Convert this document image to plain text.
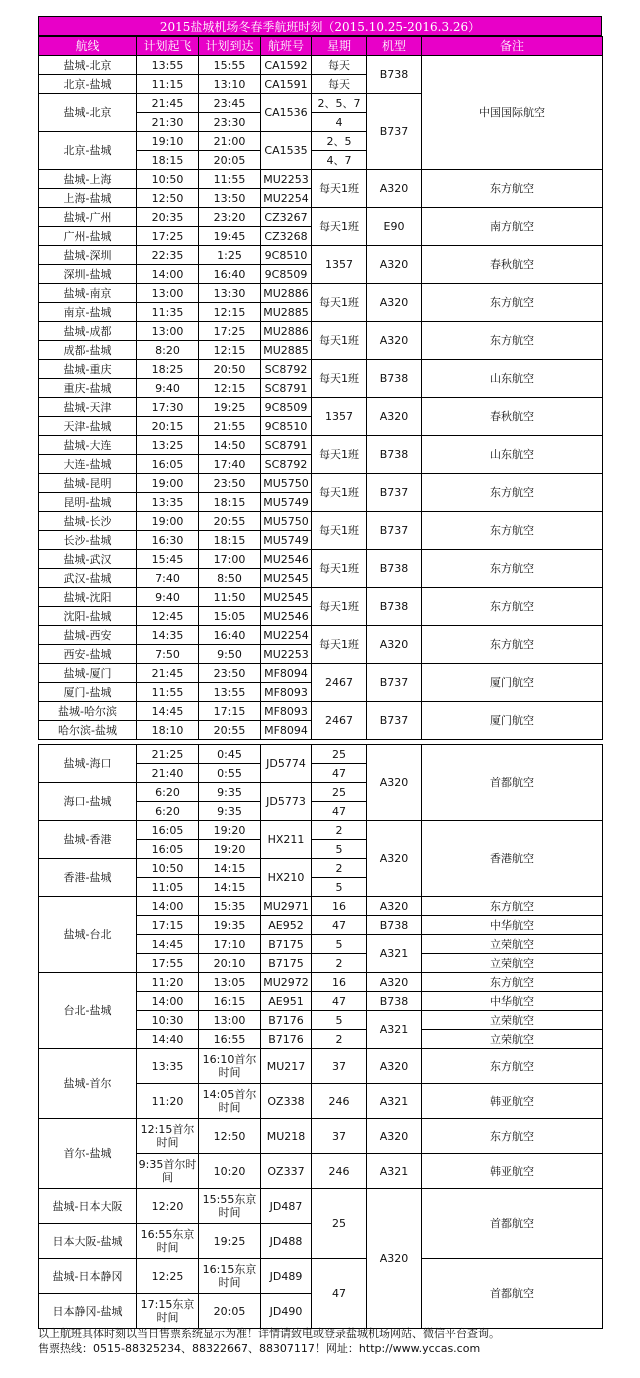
2015盐城机场冬春季航班时刻（2015.10.25-2016.3.26）
航线	计划起飞	计划到达	航班号	星期	机型	备注
盐城-北京	13:55	15:55	CA1592	每天	B738	中国国际航空
北京-盐城	11:15	13:10	CA1591	每天		
盐城-北京	21:45	23:45	CA1536	2、5、7	B737	
	21:30	23:30		4		
北京-盐城	19:10	21:00	CA1535	2、5		
	18:15	20:05		4、7		
盐城-上海	10:50	11:55	MU2253	每天1班	A320	东方航空
上海-盐城	12:50	13:50	MU2254			
盐城-广州	20:35	23:20	CZ3267	每天1班	E90	南方航空
广州-盐城	17:25	19:45	CZ3268			
盐城-深圳	22:35	1:25	9C8510	1357	A320	春秋航空
深圳-盐城	14:00	16:40	9C8509			
盐城-南京	13:00	13:30	MU2886	每天1班	A320	东方航空
南京-盐城	11:35	12:15	MU2885			
盐城-成都	13:00	17:25	MU2886	每天1班	A320	东方航空
成都-盐城	8:20	12:15	MU2885			
盐城-重庆	18:25	20:50	SC8792	每天1班	B738	山东航空
重庆-盐城	9:40	12:15	SC8791			
盐城-天津	17:30	19:25	9C8509	1357	A320	春秋航空
天津-盐城	20:15	21:55	9C8510			
盐城-大连	13:25	14:50	SC8791	每天1班	B738	山东航空
大连-盐城	16:05	17:40	SC8792			
盐城-昆明	19:00	23:50	MU5750	每天1班	B737	东方航空
昆明-盐城	13:35	18:15	MU5749			
盐城-长沙	19:00	20:55	MU5750	每天1班	B737	东方航空
长沙-盐城	16:30	18:15	MU5749			
盐城-武汉	15:45	17:00	MU2546	每天1班	B738	东方航空
武汉-盐城	7:40	8:50	MU2545			
盐城-沈阳	9:40	11:50	MU2545	每天1班	B738	东方航空
沈阳-盐城	12:45	15:05	MU2546			
盐城-西安	14:35	16:40	MU2254	每天1班	A320	东方航空
西安-盐城	7:50	9:50	MU2253			
盐城-厦门	21:45	23:50	MF8094	2467	B737	厦门航空
厦门-盐城	11:55	13:55	MF8093			
盐城-哈尔滨	14:45	17:15	MF8093	2467	B737	厦门航空
哈尔滨-盐城	18:10	20:55	MF8094			
盐城-海口	21:25	0:45	JD5774	25	A320	首都航空
	21:40	0:55		47		
海口-盐城	6:20	9:35	JD5773	25		
	6:20	9:35		47		
盐城-香港	16:05	19:20	HX211	2	A320	香港航空
	16:05	19:20		5		
香港-盐城	10:50	14:15	HX210	2		
	11:05	14:15		5		
盐城-台北	14:00	15:35	MU2971	16	A320	东方航空
	17:15	19:35	AE952	47	B738	中华航空
	14:45	17:10	B7175	5	A321	立荣航空
	17:55	20:10	B7175	2		立荣航空
台北-盐城	11:20	13:05	MU2972	16	A320	东方航空
	14:00	16:15	AE951	47	B738	中华航空
	10:30	13:00	B7176	5	A321	立荣航空
	14:40	16:55	B7176	2		立荣航空
盐城-首尔	13:35	16:10首尔时间	MU217	37	A320	东方航空
	11:20	14:05首尔时间	OZ338	246	A321	韩亚航空
首尔-盐城	12:15首尔时间	12:50	MU218	37	A320	东方航空
	9:35首尔时间	10:20	OZ337	246	A321	韩亚航空
盐城-日本大阪	12:20	15:55东京时间	JD487	25	A320	首都航空
日本大阪-盐城	16:55东京时间	19:25	JD488			
盐城-日本静冈	12:25	16:15东京时间	JD489	47		首都航空
日本静冈-盐城	17:15东京时间	20:05	JD490			
以上航班具体时刻以当日售票系统显示为准！详情请致电或登录盐城机场网站、微信平台查询。
售票热线：0515-88325234、88322667、88307117！网址：http://www.yccas.com
